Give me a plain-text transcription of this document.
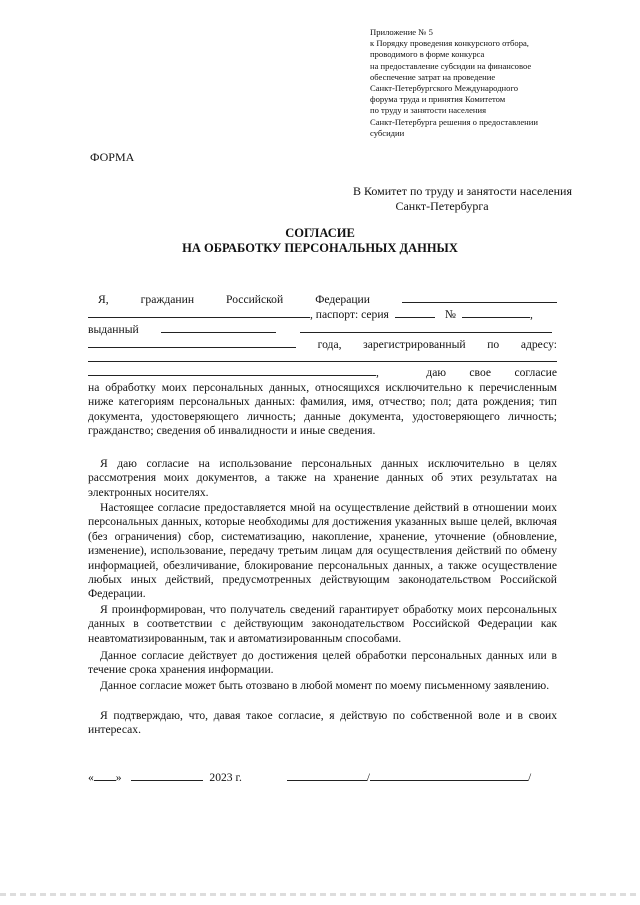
Приложение № 5
к Порядку проведения конкурсного отбора,
проводимого в форме конкурса
на предоставление субсидии на финансовое
обеспечение затрат на проведение
Санкт-Петербургского Международного
форума труда и принятия Комитетом
по труду и занятости населения
Санкт-Петербурга решения о предоставлении
субсидии
ФОРМА
В Комитет по труду и занятости населения
Санкт-Петербурга
СОГЛАСИЕ
НА ОБРАБОТКУ ПЕРСОНАЛЬНЫХ ДАННЫХ
Я,	гражданин	Российской	Федерации
, паспорт: серия	№	,
выданный
года, зарегистрированный по адресу:
,	даю свое согласие

на обработку моих персональных данных, относящихся исключительно к перечисленным ниже категориям персональных данных: фамилия, имя, отчество; пол; дата рождения; тип документа, удостоверяющего личность; данные документа, удостоверяющего личность; гражданство; сведения об инвалидности и иные сведения.

Я даю согласие на использование персональных данных исключительно в целях рассмотрения моих документов, а также на хранение данных об этих результатах на электронных носителях.

Настоящее согласие предоставляется мной на осуществление действий в отношении моих персональных данных, которые необходимы для достижения указанных выше целей, включая (без ограничения) сбор, систематизацию, накопление, хранение, уточнение (обновление, изменение), использование, передачу третьим лицам для осуществления действий по обмену информацией, обезличивание, блокирование персональных данных, а также осуществление любых иных действий, предусмотренных действующим законодательством Российской Федерации.

Я проинформирован, что получатель сведений гарантирует обработку моих персональных данных в соответствии с действующим законодательством Российской Федерации как неавтоматизированным, так и автоматизированным способами.

Данное согласие действует до достижения целей обработки персональных данных или в течение срока хранения информации.

Данное согласие может быть отозвано в любой момент по моему письменному заявлению.

Я подтверждаю, что, давая такое согласие, я действую по собственной воле и в своих интересах.

« »	2023 г.	/	/
